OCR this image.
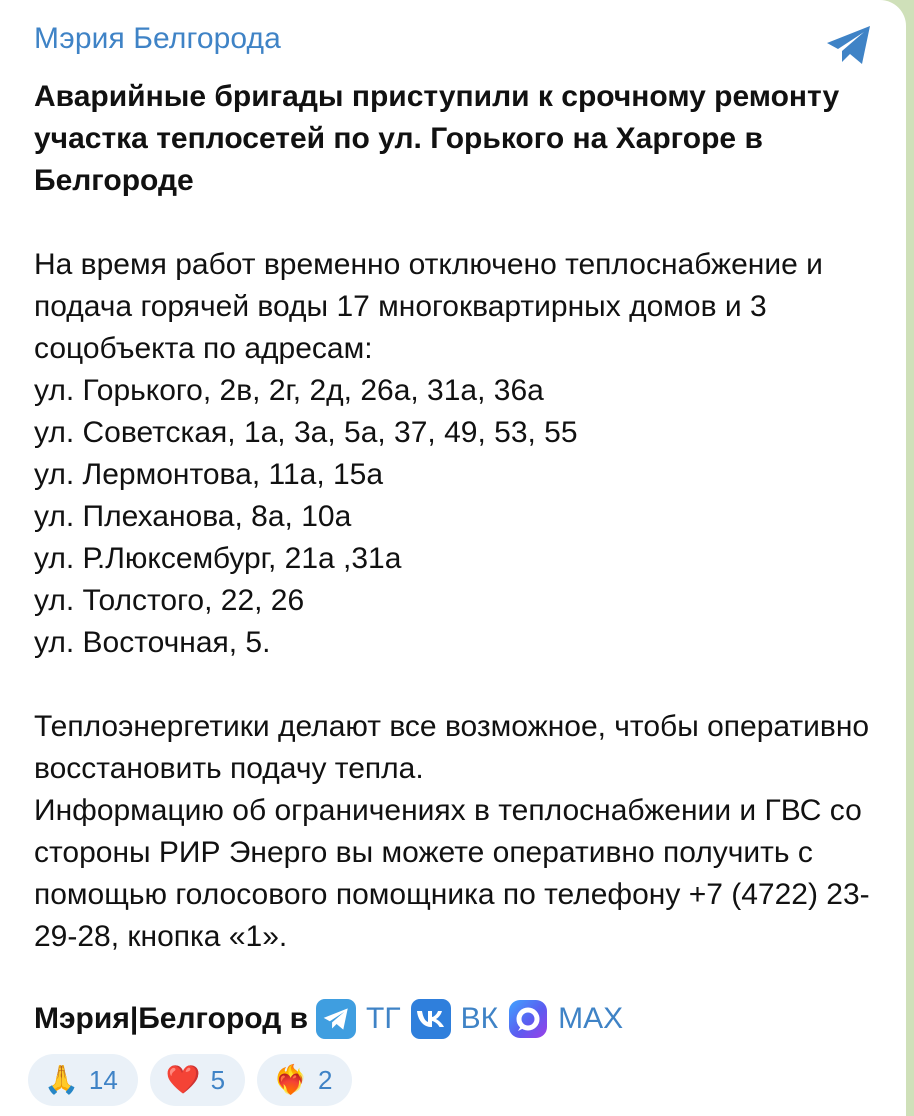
Мэрия Белгорода

Аварийные бригады приступили к срочному ремонту участка теплосетей по ул. Горького на Харгоре в Белгороде

На время работ временно отключено теплоснабжение и подача горячей воды 17 многоквартирных домов и 3 соцобъекта по адресам:

ул. Горького, 2в, 2г, 2д, 26а, 31а, 36а

ул. Советская, 1а, 3а, 5а, 37, 49, 53, 55

ул. Лермонтова, 11а, 15а

ул. Плеханова, 8а, 10а

ул. Р.Люксембург, 21а ,31а

ул. Толстого, 22, 26

ул. Восточная, 5.

Теплоэнергетики делают все возможное, чтобы оперативно восстановить подачу тепла.

Информацию об ограничениях в теплоснабжении и ГВС со стороны РИР Энерго вы можете оперативно получить с помощью голосового помощника по телефону +7 (4722) 23-29-28, кнопка «1».

Мэрия|Белгород в ТГ ВК MAX
🙏 14 ❤️ 5 ❤️‍🔥 2
